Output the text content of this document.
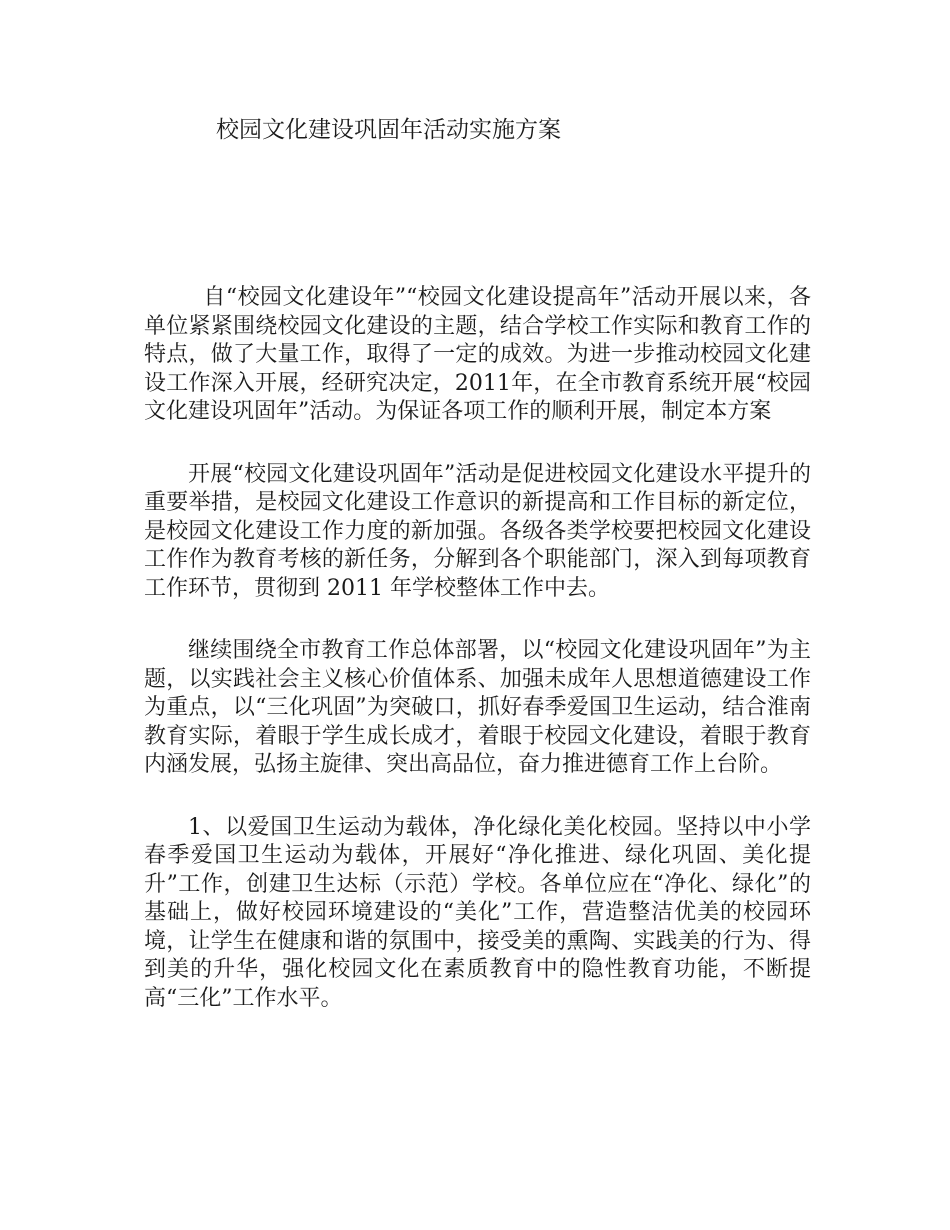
校园文化建设巩固年活动实施方案

自“校园文化建设年”“校园文化建设提高年”活动开展以来，各单位紧紧围绕校园文化建设的主题，结合学校工作实际和教育工作的特点，做了大量工作，取得了一定的成效。为进一步推动校园文化建设工作深入开展，经研究决定，2011年，在全市教育系统开展“校园文化建设巩固年”活动。为保证各项工作的顺利开展，制定本方案

开展“校园文化建设巩固年”活动是促进校园文化建设水平提升的重要举措，是校园文化建设工作意识的新提高和工作目标的新定位，是校园文化建设工作力度的新加强。各级各类学校要把校园文化建设工作作为教育考核的新任务，分解到各个职能部门，深入到每项教育工作环节，贯彻到 2011 年学校整体工作中去。

继续围绕全市教育工作总体部署，以“校园文化建设巩固年”为主题，以实践社会主义核心价值体系、加强未成年人思想道德建设工作为重点，以“三化巩固”为突破口，抓好春季爱国卫生运动，结合淮南教育实际，着眼于学生成长成才，着眼于校园文化建设，着眼于教育内涵发展，弘扬主旋律、突出高品位，奋力推进德育工作上台阶。

1、以爱国卫生运动为载体，净化绿化美化校园。坚持以中小学春季爱国卫生运动为载体，开展好“净化推进、绿化巩固、美化提升”工作，创建卫生达标（示范）学校。各单位应在“净化、绿化”的基础上，做好校园环境建设的“美化”工作，营造整洁优美的校园环境，让学生在健康和谐的氛围中，接受美的熏陶、实践美的行为、得到美的升华，强化校园文化在素质教育中的隐性教育功能，不断提高“三化”工作水平。
